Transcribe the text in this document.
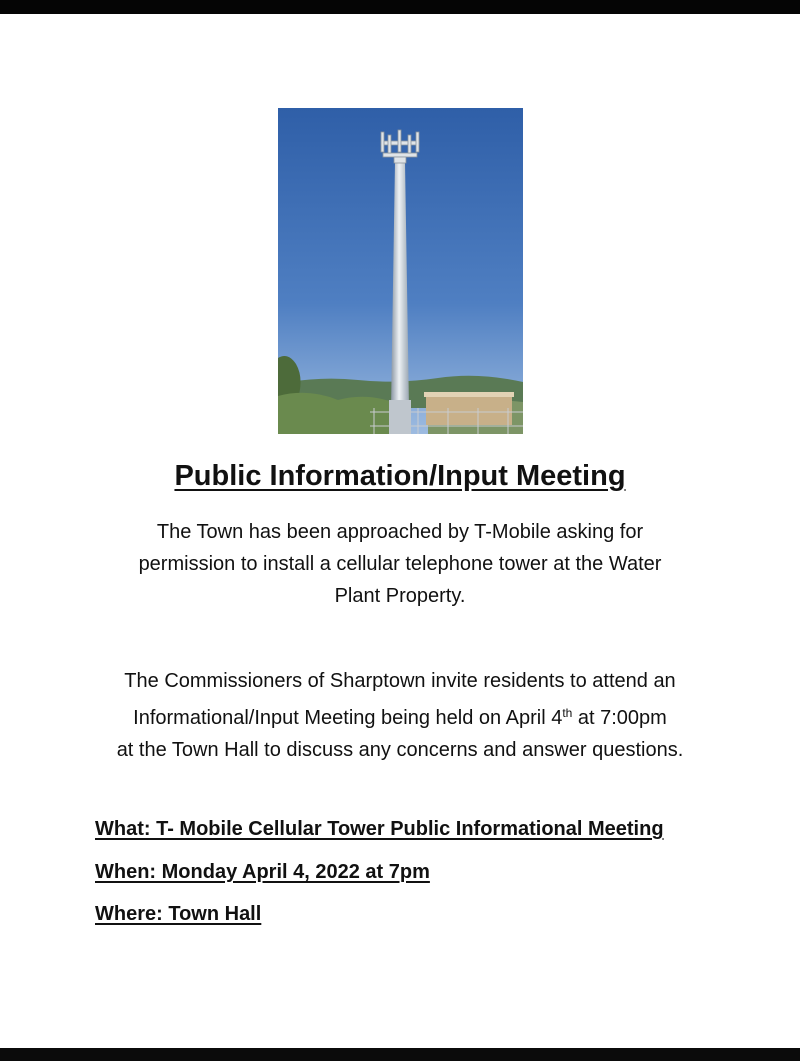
Public Information/Input Meeting
The Town has been approached by T-Mobile asking for
permission to install a cellular telephone tower at the Water
Plant Property.
The Commissioners of Sharptown invite residents to attend an
Informational/Input Meeting being held on April 4th at 7:00pm
at the Town Hall to discuss any concerns and answer questions.
What: T- Mobile Cellular Tower Public Informational Meeting
When: Monday April 4, 2022 at 7pm
Where: Town Hall
